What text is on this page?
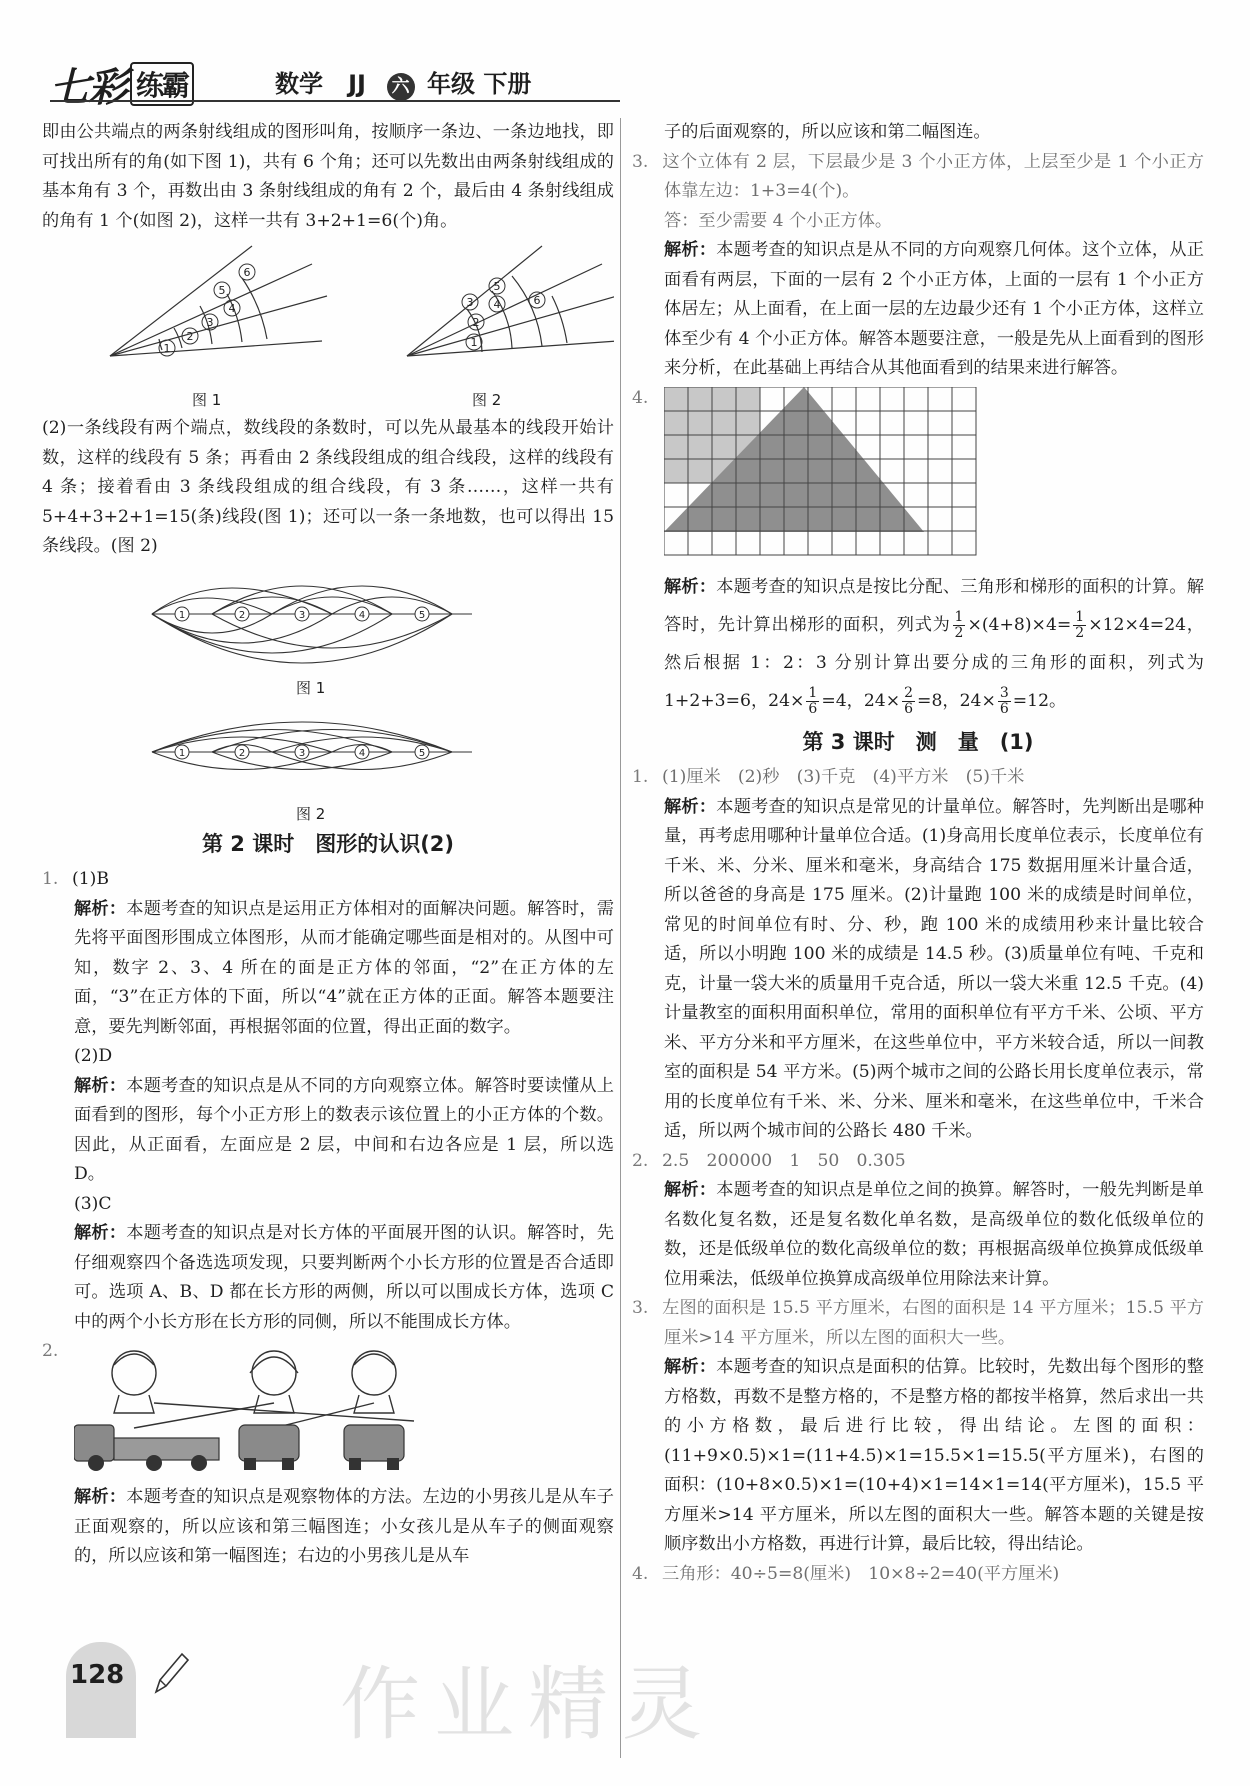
七彩 练霸	数学 JJ 六 年级 下册

即由公共端点的两条射线组成的图形叫角，按顺序一条边、一条边地找，即可找出所有的角(如下图 1)，共有 6 个角；还可以先数出由两条射线组成的基本角有 3 个，再数出由 3 条射线组成的角有 2 个，最后由 4 条射线组成的角有 1 个(如图 2)，这样一共有 3+2+1=6(个)角。

1
2
3
4
5
6
1
2
3 4
5
6
图 1	图 2

(2)一条线段有两个端点，数线段的条数时，可以先从最基本的线段开始计数，这样的线段有 5 条；再看由 2 条线段组成的组合线段，这样的线段有 4 条；接着看由 3 条线段组成的组合线段，有 3 条……，这样一共有 5+4+3+2+1=15(条)线段(图 1)；还可以一条一条地数，也可以得出 15 条线段。(图 2)

1	2	3	4	5
1	2	3	4	5
图 1
图 2
第 2 课时　图形的认识(2)
1. (1)B
解析：本题考查的知识点是运用正方体相对的面解决问题。解答时，需先将平面图形围成立体图形，从而才能确定哪些面是相对的。从图中可知，数字 2、3、4 所在的面是正方体的邻面，“2”在正方体的左面，“3”在正方体的下面，所以“4”就在正方体的正面。解答本题要注意，要先判断邻面，再根据邻面的位置，得出正面的数字。
(2)D
解析：本题考查的知识点是从不同的方向观察立体。解答时要读懂从上面看到的图形，每个小正方形上的数表示该位置上的小正方体的个数。因此，从正面看，左面应是 2 层，中间和右边各应是 1 层，所以选 D。
(3)C
解析：本题考查的知识点是对长方体的平面展开图的认识。解答时，先仔细观察四个备选选项发现，只要判断两个小长方形的位置是否合适即可。选项 A、B、D 都在长方形的两侧，所以可以围成长方体，选项 C 中的两个小长方形在长方形的同侧，所以不能围成长方体。
2.
解析：本题考查的知识点是观察物体的方法。左边的小男孩儿是从车子正面观察的，所以应该和第三幅图连；小女孩儿是从车子的侧面观察的，所以应该和第一幅图连；右边的小男孩儿是从车

子的后面观察的，所以应该和第二幅图连。

3. 这个立体有 2 层，下层最少是 3 个小正方体，上层至少是 1 个小正方体靠左边：1+3=4(个)。
答：至少需要 4 个小正方体。
解析：本题考查的知识点是从不同的方向观察几何体。这个立体，从正面看有两层，下面的一层有 2 个小正方体，上面的一层有 1 个小正方体居左；从上面看，在上面一层的左边最少还有 1 个小正方体，这样立体至少有 4 个小正方体。解答本题要注意，一般是先从上面看到的图形来分析，在此基础上再结合从其他面看到的结果来进行解答。
4.
解析：本题考查的知识点是按比分配、三角形和梯形的面积的计算。解答时，先计算出梯形的面积，列式为 $\frac{1}{2} \times(4+8)\times 4= \frac{1}{2} \times 12\times 4=24$，然后根据 1：2：3 分别计算出要分成的三角形的面积，列式为 1+2+3=6，$24\times \frac{1}{6} =4$，$24\times \frac{2}{6} =8$，$24\times \frac{3}{6} =12$。
第 3 课时　测　量　(1)
1. (1)厘米　(2)秒　(3)千克　(4)平方米　(5)千米
解析：本题考查的知识点是常见的计量单位。解答时，先判断出是哪种量，再考虑用哪种计量单位合适。(1)身高用长度单位表示，长度单位有千米、米、分米、厘米和毫米，身高结合 175 数据用厘米计量合适，所以爸爸的身高是 175 厘米。(2)计量跑 100 米的成绩是时间单位，常见的时间单位有时、分、秒，跑 100 米的成绩用秒来计量比较合适，所以小明跑 100 米的成绩是 14.5 秒。(3)质量单位有吨、千克和克，计量一袋大米的质量用千克合适，所以一袋大米重 12.5 千克。(4)计量教室的面积用面积单位，常用的面积单位有平方千米、公顷、平方米、平方分米和平方厘米，在这些单位中，平方米较合适，所以一间教室的面积是 54 平方米。(5)两个城市之间的公路长用长度单位表示，常用的长度单位有千米、米、分米、厘米和毫米，在这些单位中，千米合适，所以两个城市间的公路长 480 千米。
2. 2.5　200000　1　50　0.305
解析：本题考查的知识点是单位之间的换算。解答时，一般先判断是单名数化复名数，还是复名数化单名数，是高级单位的数化低级单位的数，还是低级单位的数化高级单位的数；再根据高级单位换算成低级单位用乘法，低级单位换算成高级单位用除法来计算。
3. 左图的面积是 15.5 平方厘米，右图的面积是 14 平方厘米；15.5 平方厘米>14 平方厘米，所以左图的面积大一些。
解析：本题考查的知识点是面积的估算。比较时，先数出每个图形的整方格数，再数不是整方格的，不是整方格的都按半格算，然后求出一共的小方格数，最后进行比较，得出结论。左图的面积：(11+9×0.5)×1=(11+4.5)×1=15.5×1=15.5(平方厘米)，右图的面积：(10+8×0.5)×1=(10+4)×1=14×1=14(平方厘米)，15.5 平方厘米>14 平方厘米，所以左图的面积大一些。解答本题的关键是按顺序数出小方格数，再进行计算，最后比较，得出结论。
4. 三角形：40÷5=8(厘米)　10×8÷2=40(平方厘米)
128	作业精灵
